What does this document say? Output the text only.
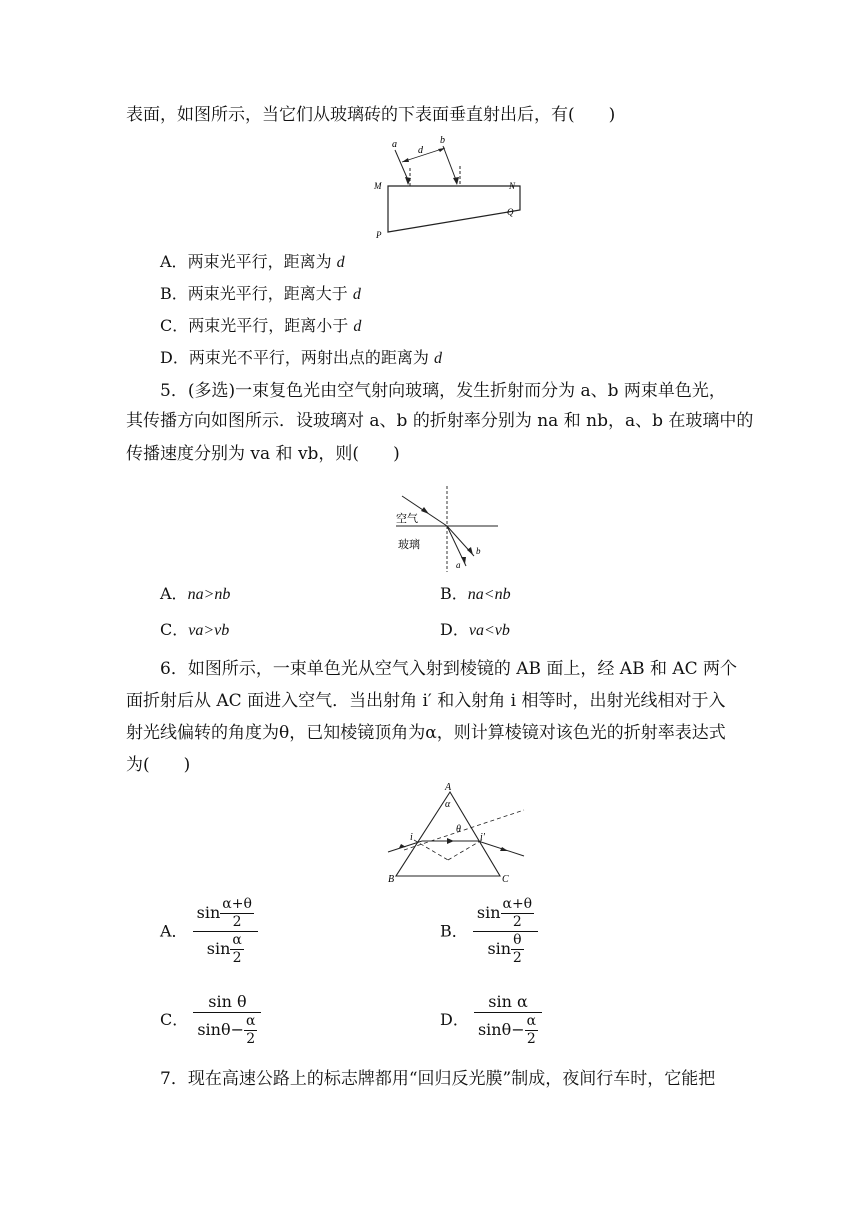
表面，如图所示，当它们从玻璃砖的下表面垂直射出后，有(　　)
a	b
d
M	N
P
Q
A．两束光平行，距离为 d
B．两束光平行，距离大于 d
C．两束光平行，距离小于 d
D．两束光不平行，两射出点的距离为 d
5．(多选)一束复色光由空气射向玻璃，发生折射而分为 a、b 两束单色光，
其传播方向如图所示．设玻璃对 a、b 的折射率分别为 na 和 nb，a、b 在玻璃中的
传播速度分别为 va 和 vb，则(　　)
空气
玻璃	b
a
A．na>nb	B．na<nb
C．va>vb	D．va<vb
6．如图所示，一束单色光从空气入射到棱镜的 AB 面上，经 AB 和 AC 两个
面折射后从 AC 面进入空气．当出射角 i′ 和入射角 i 相等时，出射光线相对于入
射光线偏转的角度为θ，已知棱镜顶角为α，则计算棱镜对该色光的折射率表达式
为(　　)
A
B	C
α
θ
i	i′
A． $\frac{\sin \frac{\alpha+\theta}{2}}{\sin \frac{\alpha}{2}}$	B． $\frac{\sin \frac{\alpha+\theta}{2}}{\sin \frac{\theta}{2}}$
C． $\frac{\text{sin θ}}{\sin\theta- \frac{\alpha}{2}}$	D． $\frac{\text{sin α}}{\sin\theta- \frac{\alpha}{2}}$
7．现在高速公路上的标志牌都用“回归反光膜”制成，夜间行车时，它能把
